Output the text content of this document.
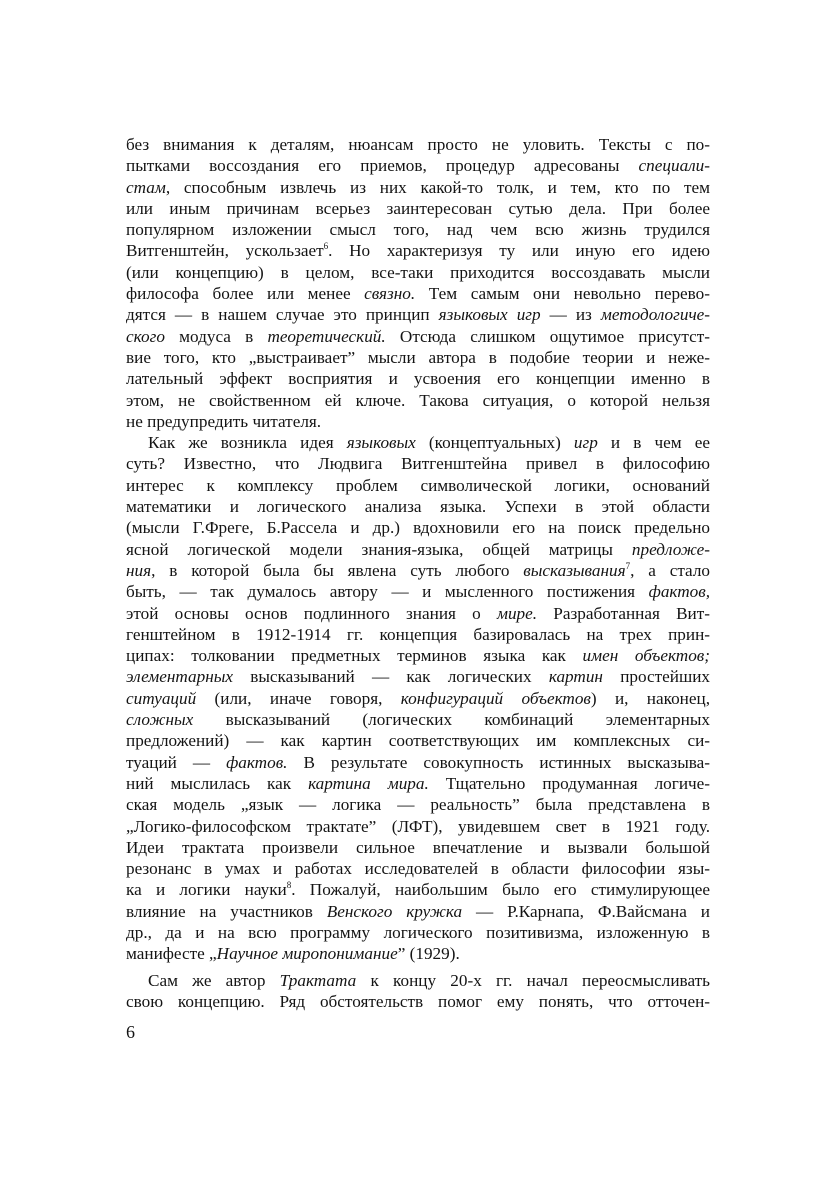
без внимания к деталям, нюансам просто не уловить. Тексты с по-
пытками воссоздания его приемов, процедур адресованы специали-
стам, способным извлечь из них какой-то толк, и тем, кто по тем
или иным причинам всерьез заинтересован сутью дела. При более
популярном изложении смысл того, над чем всю жизнь трудился
Витгенштейн, ускользает$^6$. Но характеризуя ту или иную его идею
(или концепцию) в целом, все-таки приходится воссоздавать мысли
философа более или менее связно. Тем самым они невольно перево-
дятся — в нашем случае это принцип языковых игр — из методологиче-
ского модуса в теоретический. Отсюда слишком ощутимое присутст-
вие того, кто „выстраивает” мысли автора в подобие теории и неже-
лательный эффект восприятия и усвоения его концепции именно в
этом, не свойственном ей ключе. Такова ситуация, о которой нельзя
не предупредить читателя.
Как же возникла идея языковых (концептуальных) игр и в чем ее
суть? Известно, что Людвига Витгенштейна привел в философию
интерес к комплексу проблем символической логики, оснований
математики и логического анализа языка. Успехи в этой области
(мысли Г.Фреге, Б.Рассела и др.) вдохновили его на поиск предельно
ясной логической модели знания-языка, общей матрицы предложе-
ния, в которой была бы явлена суть любого высказывания$^7$, а стало
быть, — так думалось автору — и мысленного постижения фактов,
этой основы основ подлинного знания о мире. Разработанная Вит-
генштейном в 1912-1914 гг. концепция базировалась на трех прин-
ципах: толковании предметных терминов языка как имен объектов;
элементарных высказываний — как логических картин простейших
ситуаций (или, иначе говоря, конфигураций объектов) и, наконец,
сложных высказываний (логических комбинаций элементарных
предложений) — как картин соответствующих им комплексных си-
туаций — фактов. В результате совокупность истинных высказыва-
ний мыслилась как картина мира. Тщательно продуманная логиче-
ская модель „язык — логика — реальность” была представлена в
„Логико-философском трактате” (ЛФТ), увидевшем свет в 1921 году.
Идеи трактата произвели сильное впечатление и вызвали большой
резонанс в умах и работах исследователей в области философии язы-
ка и логики науки$^8$. Пожалуй, наибольшим было его стимулирующее
влияние на участников Венского кружка — Р.Карнапа, Ф.Вайсмана и
др., да и на всю программу логического позитивизма, изложенную в
манифесте „Научное миропонимание” (1929).
Сам же автор Трактата к концу 20-х гг. начал переосмысливать
свою концепцию. Ряд обстоятельств помог ему понять, что отточен-
6
